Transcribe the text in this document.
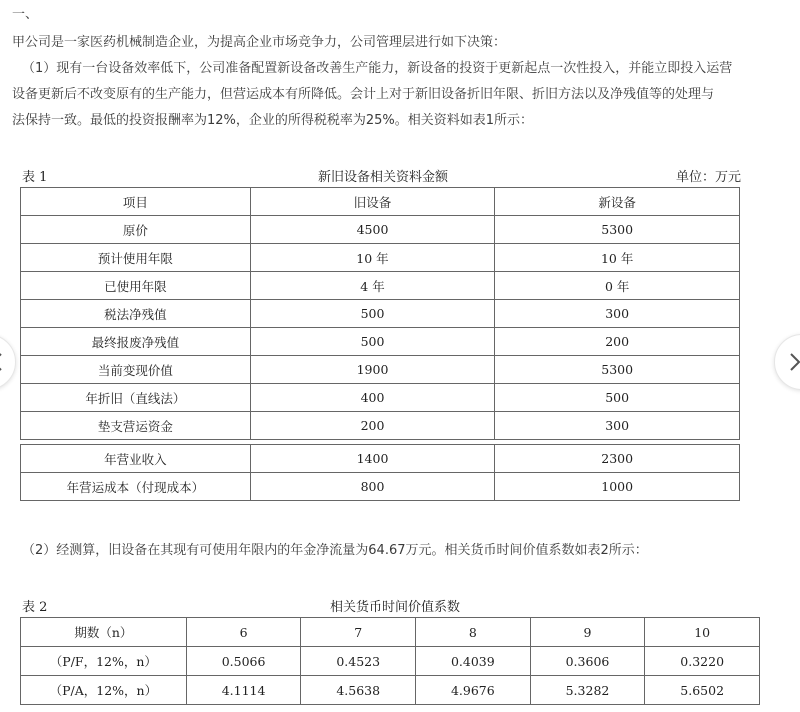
一、
甲公司是一家医药机械制造企业，为提高企业市场竞争力，公司管理层进行如下决策：
（1）现有一台设备效率低下，公司准备配置新设备改善生产能力，新设备的投资于更新起点一次性投入，并能立即投入运营
设备更新后不改变原有的生产能力，但营运成本有所降低。会计上对于新旧设备折旧年限、折旧方法以及净残值等的处理与
法保持一致。最低的投资报酬率为12%，企业的所得税税率为25%。相关资料如表1所示：
表 1	新旧设备相关资料金额	单位：万元
项目	旧设备	新设备
原价	4500	5300
预计使用年限	10 年	10 年
已使用年限	4 年	0 年
税法净残值	500	300
最终报废净残值	500	200
当前变现价值	1900	5300
年折旧（直线法）	400	500
垫支营运资金	200	300

年营业收入	1400	2300
年营运成本（付现成本）	800	1000
（2）经测算，旧设备在其现有可使用年限内的年金净流量为64.67万元。相关货币时间价值系数如表2所示：
表 2	相关货币时间价值系数
期数（n）	6	7	8	9	10
（P/F，12%，n）	0.5066	0.4523	0.4039	0.3606	0.3220
（P/A，12%，n）	4.1114	4.5638	4.9676	5.3282	5.6502
